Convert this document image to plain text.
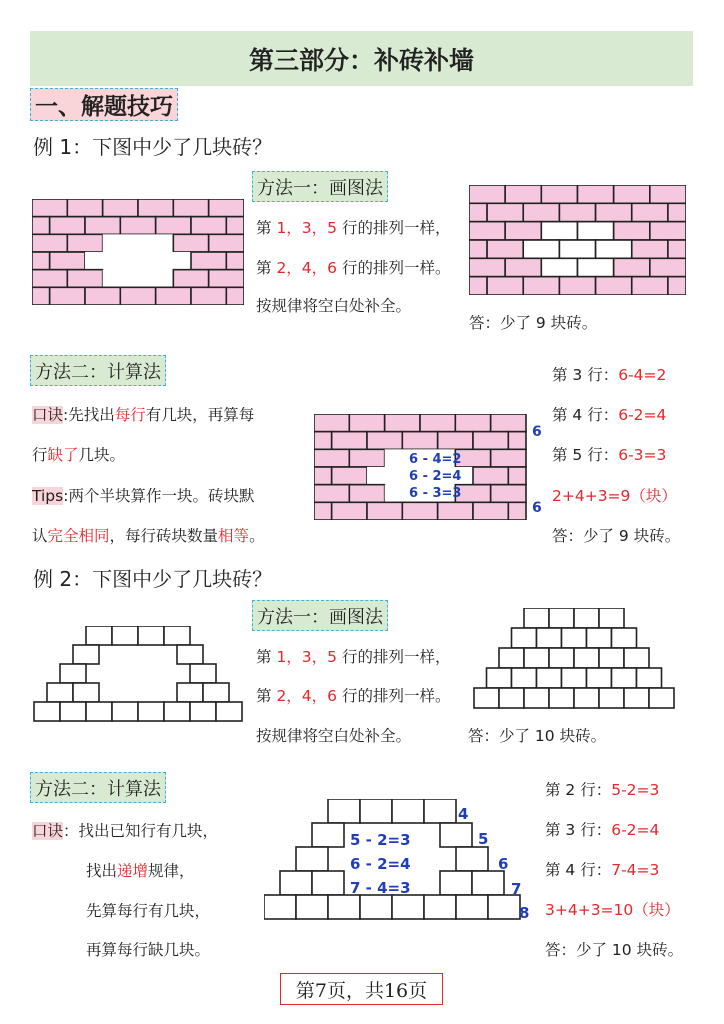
第三部分：补砖补墙
一、解题技巧
例 1：下图中少了几块砖？
方法一：画图法
第 1，3，5 行的排列一样，
第 2，4，6 行的排列一样。
按规律将空白处补全。
答：少了 9 块砖。
方法二：计算法
口诀:先找出每行有几块，再算每
行缺了几块。
Tips:两个半块算作一块。砖块默
认完全相同，每行砖块数量相等。
6
6
6 - 4=2
6 - 2=4
6 - 3=3
第 3 行：6-4=2
第 4 行：6-2=4
第 5 行：6-3=3
2+4+3=9（块）
答：少了 9 块砖。
例 2：下图中少了几块砖？
方法一：画图法
第 1，3，5 行的排列一样，
第 2，4，6 行的排列一样。
按规律将空白处补全。	答：少了 10 块砖。
方法二：计算法
口诀：找出已知行有几块，
找出递增规律，
先算每行有几块，
再算每行缺几块。
4
5
6
7
8
5 - 2=3
6 - 2=4
7 - 4=3
第 2 行：5-2=3
第 3 行：6-2=4
第 4 行：7-4=3
3+4+3=10（块）
答：少了 10 块砖。
第7页，共16页
